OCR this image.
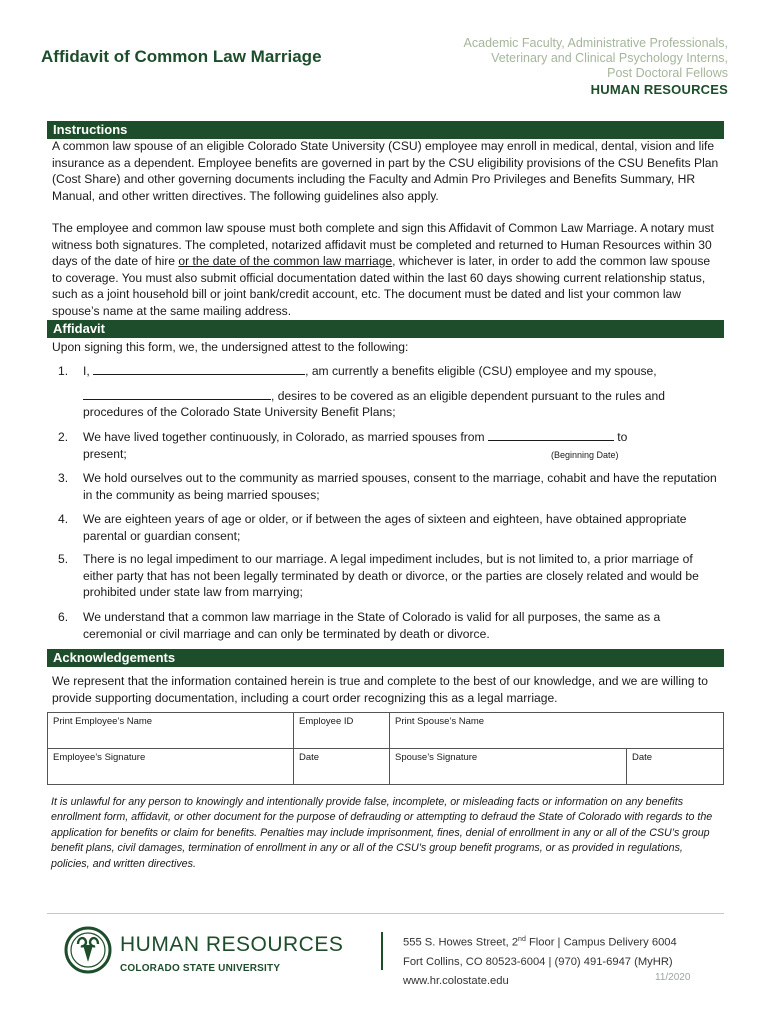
Affidavit of Common Law Marriage
Academic Faculty, Administrative Professionals,
Veterinary and Clinical Psychology Interns,
Post Doctoral Fellows
HUMAN RESOURCES
Instructions
A common law spouse of an eligible Colorado State University (CSU) employee may enroll in medical, dental, vision and life insurance as a dependent. Employee benefits are governed in part by the CSU eligibility provisions of the CSU Benefits Plan (Cost Share) and other governing documents including the Faculty and Admin Pro Privileges and Benefits Summary, HR Manual, and other written directives. The following guidelines also apply.
The employee and common law spouse must both complete and sign this Affidavit of Common Law Marriage. A notary must witness both signatures. The completed, notarized affidavit must be completed and returned to Human Resources within 30 days of the date of hire or the date of the common law marriage, whichever is later, in order to add the common law spouse to coverage. You must also submit official documentation dated within the last 60 days showing current relationship status, such as a joint household bill or joint bank/credit account, etc. The document must be dated and list your common law spouse’s name at the same mailing address.
Affidavit
Upon signing this form, we, the undersigned attest to the following:
1. I,	, am currently a benefits eligible (CSU) employee and my spouse,
, desires to be covered as an eligible dependent pursuant to the rules and procedures of the Colorado State University Benefit Plans;
2. We have lived together continuously, in Colorado, as married spouses from	to
present;	(Beginning Date)
3. We hold ourselves out to the community as married spouses, consent to the marriage, cohabit and have the reputation in the community as being married spouses;
4. We are eighteen years of age or older, or if between the ages of sixteen and eighteen, have obtained appropriate parental or guardian consent;
5. There is no legal impediment to our marriage. A legal impediment includes, but is not limited to, a prior marriage of either party that has not been legally terminated by death or divorce, or the parties are closely related and would be prohibited under state law from marrying;
6. We understand that a common law marriage in the State of Colorado is valid for all purposes, the same as a ceremonial or civil marriage and can only be terminated by death or divorce.
Acknowledgements
We represent that the information contained herein is true and complete to the best of our knowledge, and we are willing to provide supporting documentation, including a court order recognizing this as a legal marriage.
Print Employee’s Name	Employee ID	Print Spouse’s Name	
Employee’s Signature	Date	Spouse’s Signature	Date
It is unlawful for any person to knowingly and intentionally provide false, incomplete, or misleading facts or information on any benefits enrollment form, affidavit, or other document for the purpose of defrauding or attempting to defraud the State of Colorado with regards to the application for benefits or claim for benefits. Penalties may include imprisonment, fines, denial of enrollment in any or all of the CSU’s group benefit plans, civil damages, termination of enrollment in any or all of the CSU’s group benefit programs, or as provided in regulations, policies, and written directives.
HUMAN RESOURCES
COLORADO STATE UNIVERSITY
555 S. Howes Street, 2nd Floor | Campus Delivery 6004
Fort Collins, CO 80523-6004 | (970) 491-6947 (MyHR)
www.hr.colostate.edu	11/2020
